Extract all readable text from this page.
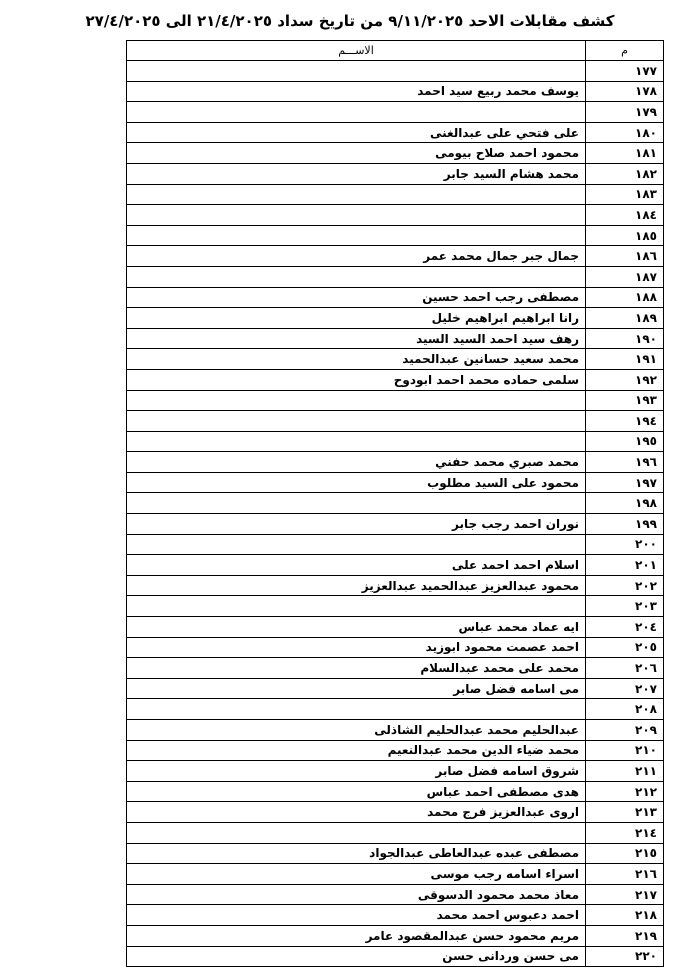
كشف مقابلات الاحد ٩/١١/٢٠٢٥ من تاريخ سداد ٢١/٤/٢٠٢٥ الى ٢٧/٤/٢٠٢٥
م	الاســـم
١٧٧	
١٧٨	يوسف محمد ربيع سيد احمد
١٧٩	
١٨٠	على فتحي على عبدالغنى
١٨١	محمود احمد صلاح بيومى
١٨٢	محمد هشام السيد جابر
١٨٣	
١٨٤	
١٨٥	
١٨٦	جمال جبر جمال محمد عمر
١٨٧	
١٨٨	مصطفى رجب احمد حسين
١٨٩	رانا ابراهيم ابراهيم خليل
١٩٠	رهف سيد احمد السيد السيد
١٩١	محمد سعيد حسانين عبدالحميد
١٩٢	سلمى حماده محمد احمد ابودوح
١٩٣	
١٩٤	
١٩٥	
١٩٦	محمد صبري محمد حفني
١٩٧	محمود على السيد مطلوب
١٩٨	
١٩٩	نوران احمد رجب جابر
٢٠٠	
٢٠١	اسلام احمد احمد على
٢٠٢	محمود عبدالعزيز عبدالحميد عبدالعزيز
٢٠٣	
٢٠٤	ايه عماد محمد عباس
٢٠٥	احمد عصمت محمود ابوزيد
٢٠٦	محمد على محمد عبدالسلام
٢٠٧	مى اسامه فضل صابر
٢٠٨	
٢٠٩	عبدالحليم محمد عبدالحليم الشاذلى
٢١٠	محمد ضياء الدين محمد عبدالنعيم
٢١١	شروق اسامه فضل صابر
٢١٢	هدى مصطفى احمد عباس
٢١٣	اروى عبدالعزيز فرج محمد
٢١٤	
٢١٥	مصطفى عبده عبدالعاطى عبدالجواد
٢١٦	اسراء اسامه رجب موسى
٢١٧	معاذ محمد محمود الدسوقى
٢١٨	احمد دعبوس احمد محمد
٢١٩	مريم محمود حسن عبدالمقصود عامر
٢٢٠	مى حسن وردانى حسن
